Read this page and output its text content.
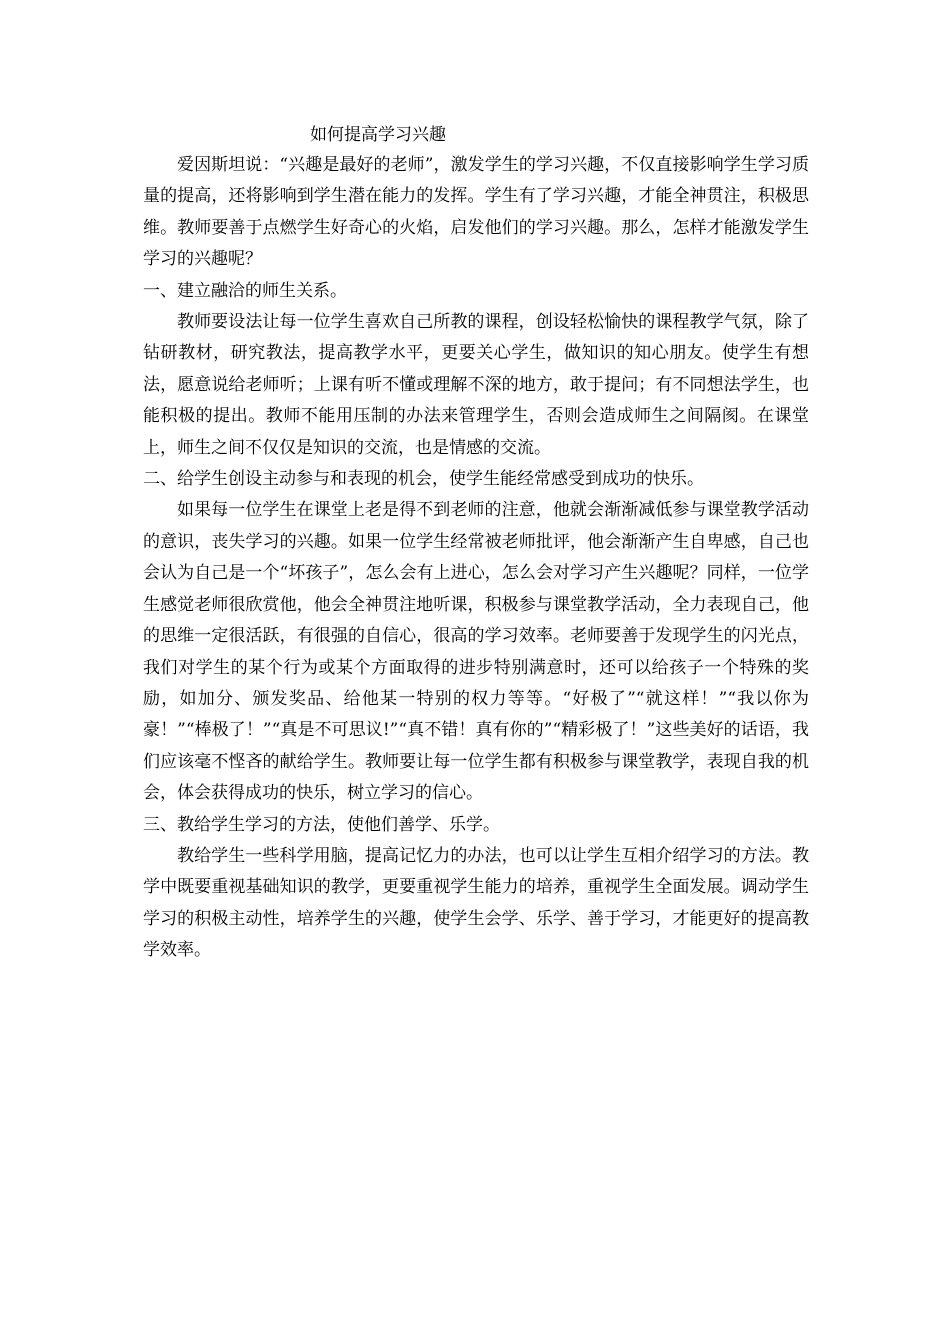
如何提高学习兴趣

爱因斯坦说：“兴趣是最好的老师”，激发学生的学习兴趣，不仅直接影响学生学习质量的提高，还将影响到学生潜在能力的发挥。学生有了学习兴趣，才能全神贯注，积极思维。教师要善于点燃学生好奇心的火焰，启发他们的学习兴趣。那么，怎样才能激发学生学习的兴趣呢？

一、建立融洽的师生关系。

教师要设法让每一位学生喜欢自己所教的课程，创设轻松愉快的课程教学气氛，除了钻研教材，研究教法，提高教学水平，更要关心学生，做知识的知心朋友。使学生有想法，愿意说给老师听；上课有听不懂或理解不深的地方，敢于提问；有不同想法学生，也能积极的提出。教师不能用压制的办法来管理学生，否则会造成师生之间隔阂。在课堂上，师生之间不仅仅是知识的交流，也是情感的交流。

二、给学生创设主动参与和表现的机会，使学生能经常感受到成功的快乐。

如果每一位学生在课堂上老是得不到老师的注意，他就会渐渐减低参与课堂教学活动的意识，丧失学习的兴趣。如果一位学生经常被老师批评，他会渐渐产生自卑感，自己也会认为自己是一个“坏孩子”，怎么会有上进心，怎么会对学习产生兴趣呢？同样，一位学生感觉老师很欣赏他，他会全神贯注地听课，积极参与课堂教学活动，全力表现自己，他的思维一定很活跃，有很强的自信心，很高的学习效率。老师要善于发现学生的闪光点，我们对学生的某个行为或某个方面取得的进步特别满意时，还可以给孩子一个特殊的奖励，如加分、颁发奖品、给他某一特别的权力等等。“好极了”“就这样！”“我以你为豪！”“棒极了！”“真是不可思议!”“真不错！真有你的”“精彩极了！”这些美好的话语，我们应该毫不悭吝的献给学生。教师要让每一位学生都有积极参与课堂教学，表现自我的机会，体会获得成功的快乐，树立学习的信心。

三、教给学生学习的方法，使他们善学、乐学。

教给学生一些科学用脑，提高记忆力的办法，也可以让学生互相介绍学习的方法。教学中既要重视基础知识的教学，更要重视学生能力的培养，重视学生全面发展。调动学生学习的积极主动性，培养学生的兴趣，使学生会学、乐学、善于学习，才能更好的提高教学效率。
